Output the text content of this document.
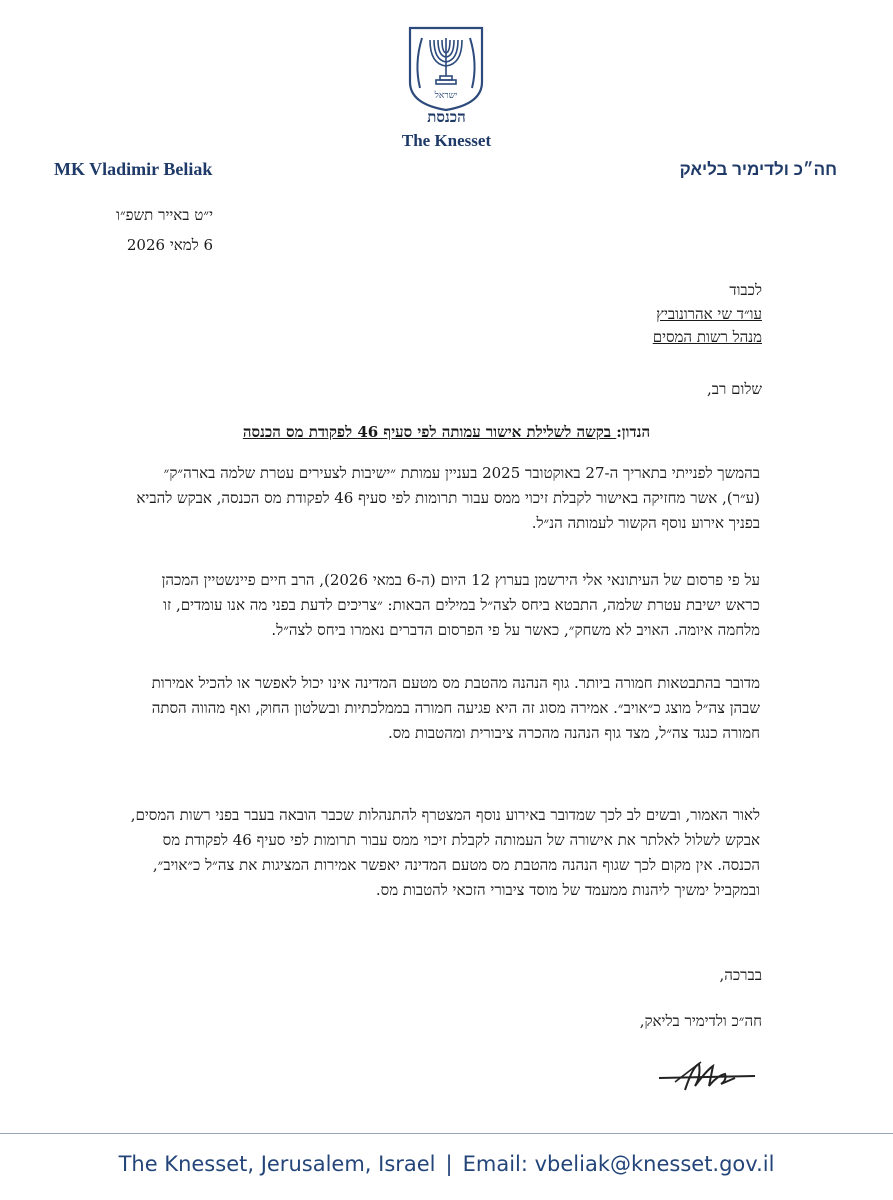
ישראל
הכנסת
The Knesset
MK Vladimir Beliak	חה״כ ולדימיר בליאק
י״ט באייר תשפ״ו
6 למאי 2026
לכבוד
עו״ד שי אהרונוביץ
מנהל רשות המסים
שלום רב,
הנדון: בקשה לשלילת אישור עמותה לפי סעיף 46 לפקודת מס הכנסה
בהמשך לפנייתי בתאריך ה-27 באוקטובר 2025 בעניין עמותת ״ישיבות לצעירים עטרת שלמה בארה״ק״ (ע״ר), אשר מחזיקה באישור לקבלת זיכוי ממס עבור תרומות לפי סעיף 46 לפקודת מס הכנסה, אבקש להביא בפניך אירוע נוסף הקשור לעמותה הנ״ל.
על פי פרסום של העיתונאי אלי הירשמן בערוץ 12 היום (ה-6 במאי 2026), הרב חיים פיינשטיין המכהן כראש ישיבת עטרת שלמה, התבטא ביחס לצה״ל במילים הבאות: ״צריכים לדעת בפני מה אנו עומדים, זו מלחמה איומה. האויב לא משחק״, כאשר על פי הפרסום הדברים נאמרו ביחס לצה״ל.
מדובר בהתבטאות חמורה ביותר. גוף הנהנה מהטבת מס מטעם המדינה אינו יכול לאפשר או להכיל אמירות שבהן צה״ל מוצג כ״אויב״. אמירה מסוג זה היא פגיעה חמורה בממלכתיות ובשלטון החוק, ואף מהווה הסתה חמורה כנגד צה״ל, מצד גוף הנהנה מהכרה ציבורית ומהטבות מס.
לאור האמור, ובשים לב לכך שמדובר באירוע נוסף המצטרף להתנהלות שכבר הובאה בעבר בפני רשות המסים, אבקש לשלול לאלתר את אישורה של העמותה לקבלת זיכוי ממס עבור תרומות לפי סעיף 46 לפקודת מס הכנסה. אין מקום לכך שגוף הנהנה מהטבת מס מטעם המדינה יאפשר אמירות המציגות את צה״ל כ״אויב״, ובמקביל ימשיך ליהנות ממעמד של מוסד ציבורי הזכאי להטבות מס.
בברכה,
חה״כ ולדימיר בליאק,
The Knesset, Jerusalem, Israel | Email: vbeliak@knesset.gov.il
